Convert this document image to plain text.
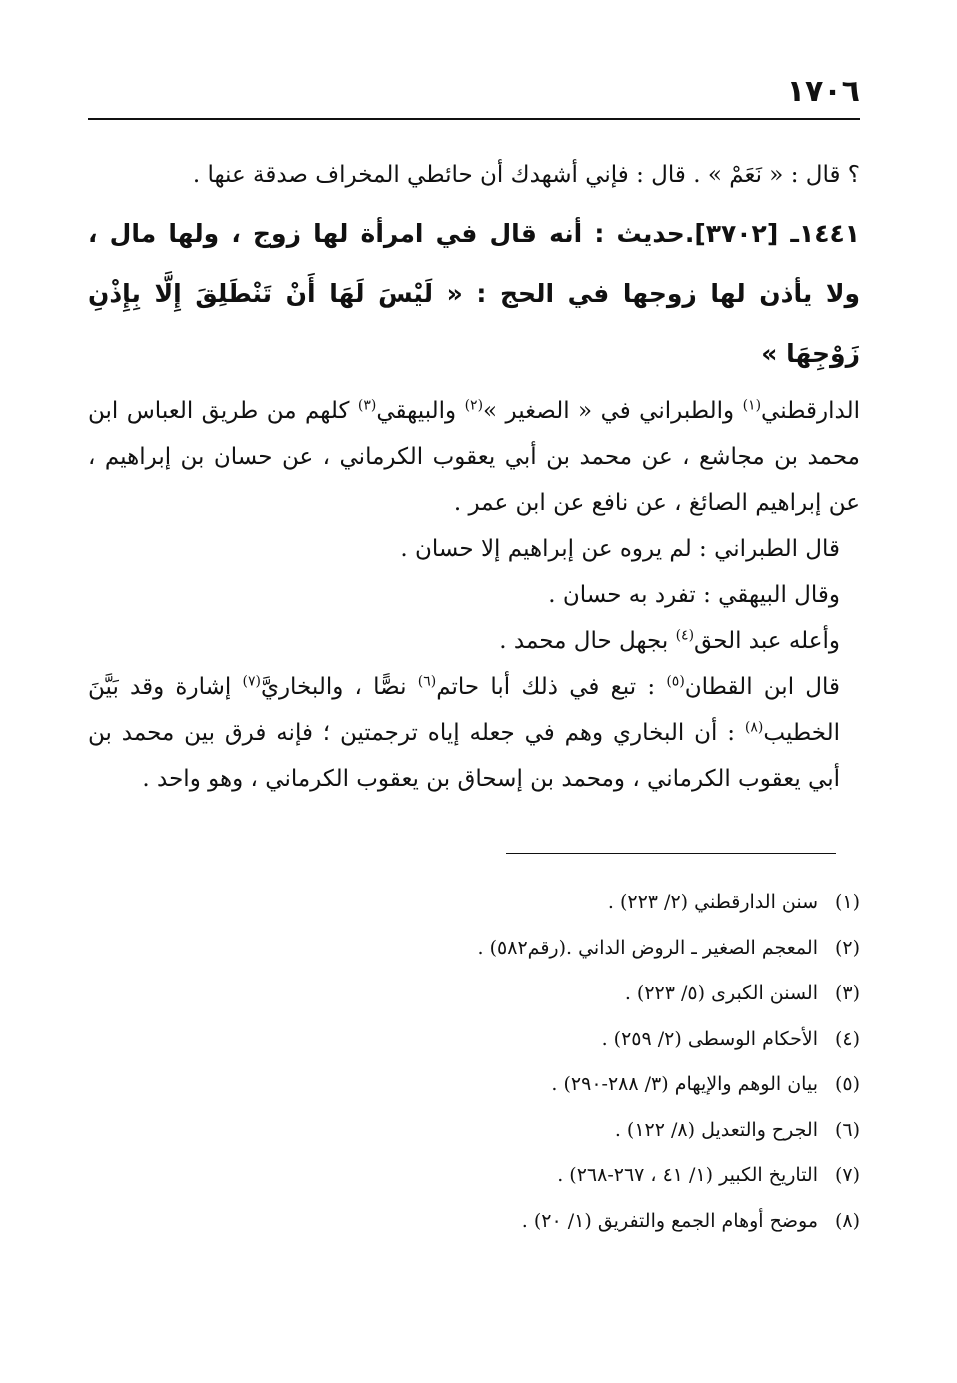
١٧٠٦

؟ قال : « نَعَمْ » . قال : فإني أشهدك أن حائطي المخراف صدقة عنها .

١٤٤١ـ [٣٧٠٢].حديث : أنه قال في امرأة لها زوج ، ولها مال ، ولا يأذن لها زوجها في الحج : « لَيْسَ لَهَا أَنْ تَنْطَلِقَ إِلَّا بِإِذْنِ زَوْجِهَا »

الدارقطني$^{(١)}$ والطبراني في « الصغير »$^{(٢)}$ والبيهقي$^{(٣)}$ كلهم من طريق العباس ابن محمد بن مجاشع ، عن محمد بن أبي يعقوب الكرماني ، عن حسان بن إبراهيم ، عن إبراهيم الصائغ ، عن نافع عن ابن عمر .

قال الطبراني : لم يروه عن إبراهيم إلا حسان .

وقال البيهقي : تفرد به حسان .

وأعله عبد الحق$^{(٤)}$ بجهل حال محمد .

قال ابن القطان$^{(٥)}$ : تبع في ذلك أبا حاتم$^{(٦)}$ نصًّا ، والبخاريَّ$^{(٧)}$ إشارة وقد بَيَّنَ الخطيب$^{(٨)}$ : أن البخاري وهم في جعله إياه ترجمتين ؛ فإنه فرق بين محمد بن أبي يعقوب الكرماني ، ومحمد بن إسحاق بن يعقوب الكرماني ، وهو واحد .

(١)سنن الدارقطني (٢/ ٢٢٣) .
(٢)المعجم الصغير ـ الروض الداني .(رقم٥٨٢) .
(٣)السنن الكبرى (٥/ ٢٢٣) .
(٤)الأحكام الوسطى (٢/ ٢٥٩) .
(٥)بيان الوهم والإيهام (٣/ ٢٨٨-٢٩٠) .
(٦)الجرح والتعديل (٨/ ١٢٢) .
(٧)التاريخ الكبير (١/ ٤١ ، ٢٦٧-٢٦٨) .
(٨)موضح أوهام الجمع والتفريق (١/ ٢٠) .
